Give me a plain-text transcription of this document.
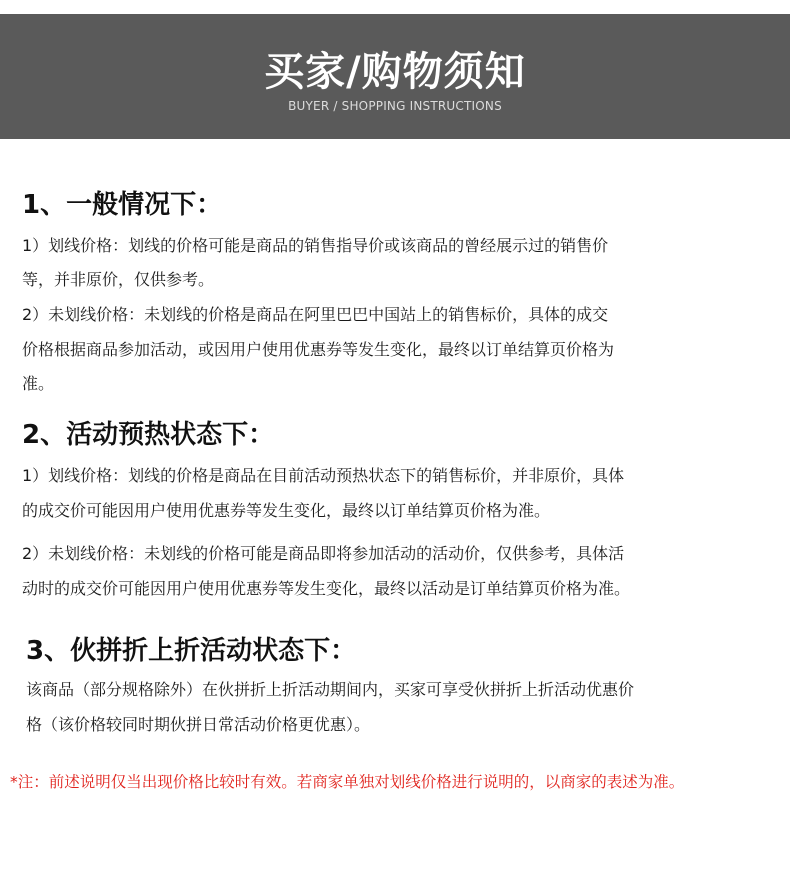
买家/购物须知
BUYER / SHOPPING INSTRUCTIONS
1、一般情况下：
1）划线价格：划线的价格可能是商品的销售指导价或该商品的曾经展示过的销售价
等，并非原价，仅供参考。
2）未划线价格：未划线的价格是商品在阿里巴巴中国站上的销售标价，具体的成交
价格根据商品参加活动，或因用户使用优惠券等发生变化，最终以订单结算页价格为
准。
2、活动预热状态下：
1）划线价格：划线的价格是商品在目前活动预热状态下的销售标价，并非原价，具体
的成交价可能因用户使用优惠券等发生变化，最终以订单结算页价格为准。
2）未划线价格：未划线的价格可能是商品即将参加活动的活动价，仅供参考，具体活
动时的成交价可能因用户使用优惠券等发生变化，最终以活动是订单结算页价格为准。
3、伙拼折上折活动状态下：
该商品（部分规格除外）在伙拼折上折活动期间内，买家可享受伙拼折上折活动优惠价
格（该价格较同时期伙拼日常活动价格更优惠）。
*注：前述说明仅当出现价格比较时有效。若商家单独对划线价格进行说明的，以商家的表述为准。
